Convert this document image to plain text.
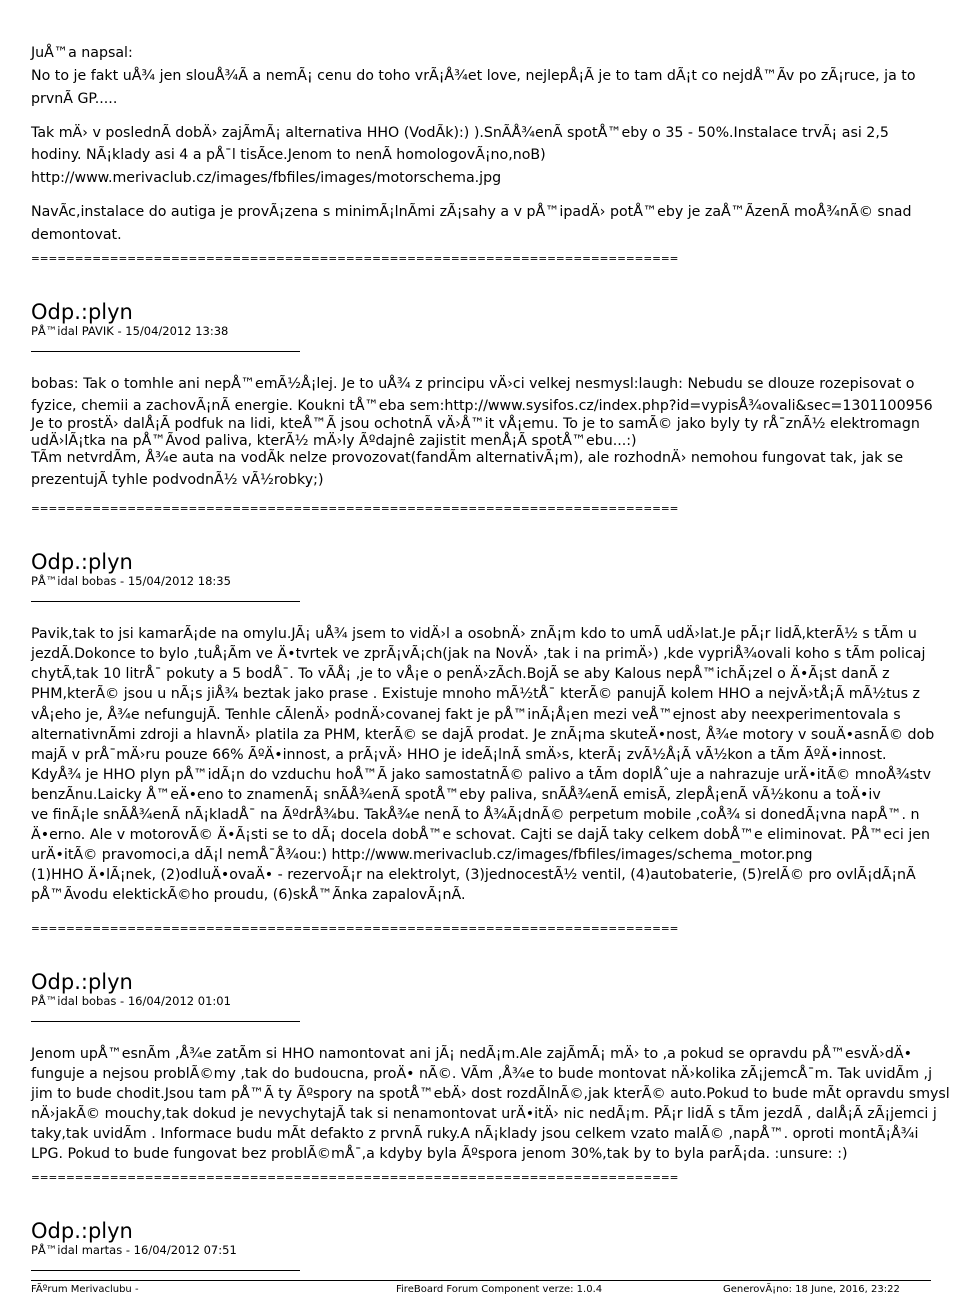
JuÅ™a napsal:
No to je fakt uÅ¾ jen slouÅ¾Ã a nemÃ¡ cenu do toho vrÃ¡Å¾et love, nejlepÅ¡Ã je to tam dÃ¡t co nejdÅ™Ãv po zÃ¡ruce, ja to
prvnÃ GP.....
Tak mÄ› v poslednÃ dobÄ› zajÃmÃ¡ alternativa HHO (VodÃk):) ).SnÃÅ¾enÃ spotÅ™eby o 35 - 50%.Instalace trvÃ¡ asi 2,5
hodiny. NÃ¡klady asi 4 a pÅ¯l tisÃce.Jenom to nenÃ homologovÃ¡no,noB)
http://www.merivaclub.cz/images/fbfiles/images/motorschema.jpg
NavÃc,instalace do autiga je provÃ¡zena s minimÃ¡lnÃmi zÃ¡sahy a v pÅ™ipadÄ› potÅ™eby je zaÅ™ÃzenÃ moÅ¾nÃ© snad
demontovat.
==========================================================================
Odp.:plyn
PÅ™idal PAVIK - 15/04/2012 13:38
bobas: Tak o tomhle ani nepÅ™emÃ½Å¡lej. Je to uÅ¾ z principu vÄ›ci velkej nesmysl:laugh: Nebudu se dlouze rozepisovat o
fyzice, chemii a zachovÃ¡nÃ energie. Koukni tÅ™eba sem:http://www.sysifos.cz/index.php?id=vypisÅ¾ovali&sec=1301100956
Je to prostÄ› dalÅ¡Ã podfuk na lidi, kteÅ™Ã jsou ochotnÃ vÄ›Å™it vÅ¡emu. To je to samÃ© jako byly ty rÅ¯znÃ½ elektromagn
udÄ›lÃ¡tka na pÅ™Ãvod paliva, kterÃ½ mÄ›ly Ãºdajnê zajistit menÅ¡Ã spotÅ™ebu...:)
TÃm netvrdÃm, Å¾e auta na vodÃk nelze provozovat(fandÃm alternativÃ¡m), ale rozhodnÄ› nemohou fungovat tak, jak se
prezentujÃ tyhle podvodnÃ½ vÃ½robky;)
==========================================================================
Odp.:plyn
PÅ™idal bobas - 15/04/2012 18:35
Pavik,tak to jsi kamarÃ¡de na omylu.JÃ¡ uÅ¾ jsem to vidÄ›l a osobnÄ› znÃ¡m kdo to umÃ udÄ›lat.Je pÃ¡r lidÃ,kterÃ½ s tÃm u
jezdÃ.Dokonce to bylo ,tuÅ¡Ãm ve Ä•tvrtek ve zprÃ¡vÃ¡ch(jak na NovÄ› ,tak i na primÄ›) ,kde vypriÅ¾ovali koho s tÃm policaj
chytÃ,tak 10 litrÅ¯ pokuty a 5 bodÅ¯. To vÃÅ¡ ,je to vÅ¡e o penÄ›zÃch.BojÃ se aby Kalous nepÅ™ichÃ¡zel o Ä•Ã¡st danÃ z
PHM,kterÃ© jsou u nÃ¡s jiÅ¾ beztak jako prase . Existuje mnoho mÃ½tÅ¯ kterÃ© panujÃ kolem HHO a nejvÄ›tÅ¡Ã mÃ½tus z
vÅ¡eho je, Å¾e nefungujÃ. Tenhle cÃlenÄ› podnÄ›covanej fakt je pÅ™inÃ¡Å¡en mezi veÅ™ejnost aby neexperimentovala s
alternativnÃmi zdroji a hlavnÄ› platila za PHM, kterÃ© se dajÃ prodat. Je znÃ¡ma skuteÄ•nost, Å¾e motory v souÄ•asnÃ© dob
majÃ v prÅ¯mÄ›ru pouze 66% ÃºÄ•innost, a prÃ¡vÄ› HHO je ideÃ¡lnÃ smÄ›s, kterÃ¡ zvÃ½Å¡Ã vÃ½kon a tÃm ÃºÄ•innost.
KdyÅ¾ je HHO plyn pÅ™idÃ¡n do vzduchu hoÅ™Ã jako samostatnÃ© palivo a tÃm doplÅˆuje a nahrazuje urÄ•itÃ© mnoÅ¾stv
benzÃnu.Laicky Å™eÄ•eno to znamenÃ¡ snÃÅ¾enÃ spotÅ™eby paliva, snÃÅ¾enÃ emisÃ, zlepÅ¡enÃ vÃ½konu a toÄ•iv
ve finÃ¡le snÃÅ¾enÃ nÃ¡kladÅ¯ na ÃºdrÅ¾bu. TakÅ¾e nenÃ to Å¾Ã¡dnÃ© perpetum mobile ,coÅ¾ si donedÃ¡vna napÅ™. n
Ä•erno. Ale v motorovÃ© Ä•Ã¡sti se to dÃ¡ docela dobÅ™e schovat. Cajti se dajÃ taky celkem dobÅ™e eliminovat. PÅ™eci jen
urÄ•itÃ© pravomoci,a dÃ¡l nemÅ¯Å¾ou:) http://www.merivaclub.cz/images/fbfiles/images/schema_motor.png
(1)HHO Ä•lÃ¡nek, (2)odluÄ•ovaÄ• - rezervoÃ¡r na elektrolyt, (3)jednocestÃ½ ventil, (4)autobaterie, (5)relÃ© pro ovlÃ¡dÃ¡nÃ
pÅ™Ãvodu elektickÃ©ho proudu, (6)skÅ™Ãnka zapalovÃ¡nÃ.
==========================================================================
Odp.:plyn
PÅ™idal bobas - 16/04/2012 01:01
Jenom upÅ™esnÃm ,Å¾e zatÃm si HHO namontovat ani jÃ¡ nedÃ¡m.Ale zajÃmÃ¡ mÄ› to ,a pokud se opravdu pÅ™esvÄ›dÄ•
funguje a nejsou problÃ©my ,tak do budoucna, proÄ• nÃ©. VÃm ,Å¾e to bude montovat nÄ›kolika zÃ¡jemcÅ¯m. Tak uvidÃm ,j
jim to bude chodit.Jsou tam pÅ™Ã ty Ãºspory na spotÅ™ebÄ› dost rozdÃlnÃ©,jak kterÃ© auto.Pokud to bude mÃt opravdu smysl
nÄ›jakÃ© mouchy,tak dokud je nevychytajÃ tak si nenamontovat urÄ•itÄ› nic nedÃ¡m. PÃ¡r lidÃ s tÃm jezdÃ , dalÅ¡Ã zÃ¡jemci j
taky,tak uvidÃm . Informace budu mÃt defakto z prvnÃ ruky.A nÃ¡klady jsou celkem vzato malÃ© ,napÅ™. oproti montÃ¡Å¾i
LPG. Pokud to bude fungovat bez problÃ©mÅ¯,a kdyby byla Ãºspora jenom 30%,tak by to byla parÃ¡da. :unsure: :)
==========================================================================
Odp.:plyn
PÅ™idal martas - 16/04/2012 07:51
FÃºrum Merivaclubu -	FireBoard Forum Component verze: 1.0.4	GenerovÃ¡no: 18 June, 2016, 23:22
